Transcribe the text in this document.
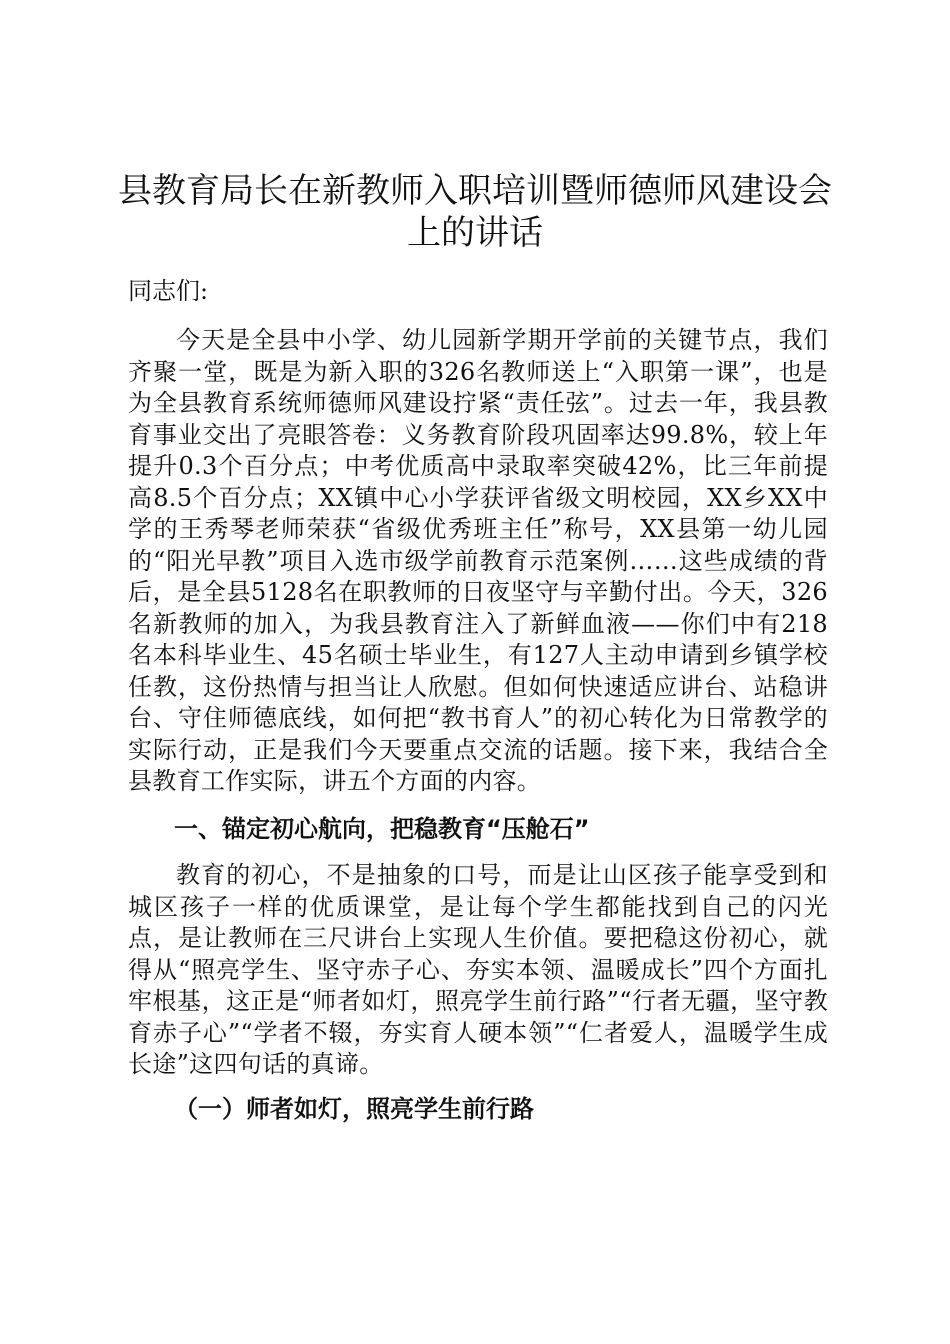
县教育局长在新教师入职培训暨师德师风建设会上的讲话

同志们:

今天是全县中小学、幼儿园新学期开学前的关键节点，我们齐聚一堂，既是为新入职的326名教师送上“入职第一课”，也是为全县教育系统师德师风建设拧紧“责任弦”。过去一年，我县教育事业交出了亮眼答卷：义务教育阶段巩固率达99.8%，较上年提升0.3个百分点；中考优质高中录取率突破42%，比三年前提高8.5个百分点；XX镇中心小学获评省级文明校园，XX乡XX中学的王秀琴老师荣获“省级优秀班主任”称号，XX县第一幼儿园的“阳光早教”项目入选市级学前教育示范案例……这些成绩的背后，是全县5128名在职教师的日夜坚守与辛勤付出。今天，326名新教师的加入，为我县教育注入了新鲜血液——你们中有218名本科毕业生、45名硕士毕业生，有127人主动申请到乡镇学校任教，这份热情与担当让人欣慰。但如何快速适应讲台、站稳讲台、守住师德底线，如何把“教书育人”的初心转化为日常教学的实际行动，正是我们今天要重点交流的话题。接下来，我结合全县教育工作实际，讲五个方面的内容。

一、锚定初心航向，把稳教育“压舱石”

教育的初心，不是抽象的口号，而是让山区孩子能享受到和城区孩子一样的优质课堂，是让每个学生都能找到自己的闪光点，是让教师在三尺讲台上实现人生价值。要把稳这份初心，就得从“照亮学生、坚守赤子心、夯实本领、温暖成长”四个方面扎牢根基，这正是“师者如灯，照亮学生前行路”“行者无疆，坚守教育赤子心”“学者不辍，夯实育人硬本领”“仁者爱人，温暖学生成长途”这四句话的真谛。

（一）师者如灯，照亮学生前行路
